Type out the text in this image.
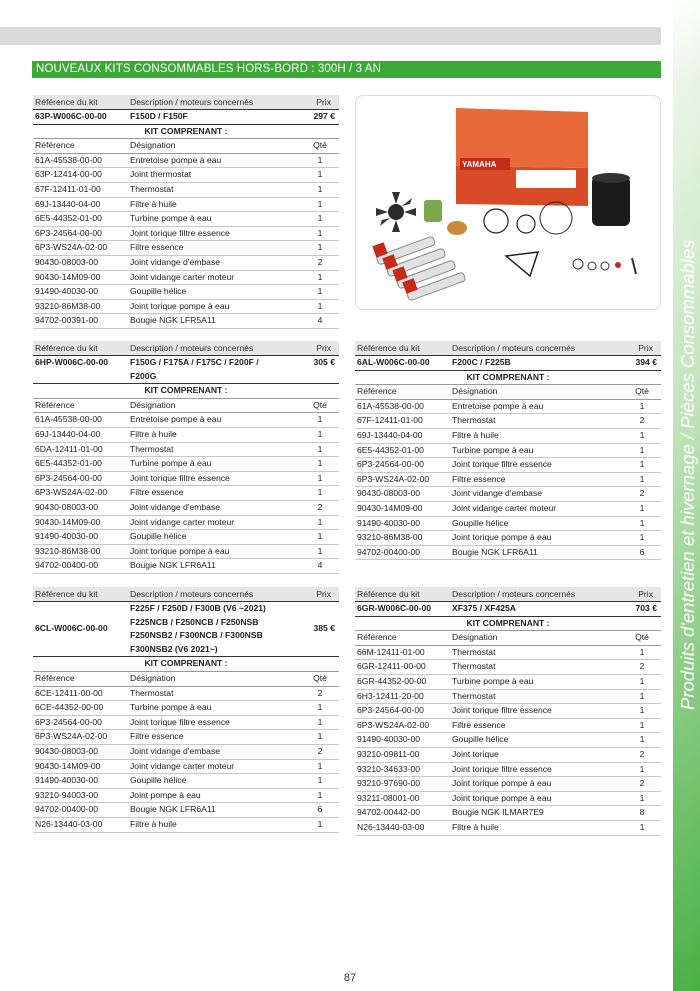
NOUVEAUX KITS CONSOMMABLES HORS-BORD : 300H / 3 AN
Produits d'entretien et hivernage / Pièces Consommables
Référence du kit	Description / moteurs concernés	Prix
63P-W006C-00-00	F150D / F150F	297 €
KIT COMPRENANT :
Référence	Désignation	Qté
61A-45538-00-00	Entretoise pompe à eau	1
63P-12414-00-00	Joint thermostat	1
67F-12411-01-00	Thermostat	1
69J-13440-04-00	Filtre à huile	1
6E5-44352-01-00	Turbine pompe à eau	1
6P3-24564-00-00	Joint torique filtre essence	1
6P3-WS24A-02-00	Filtre essence	1
90430-08003-00	Joint vidange d'embase	2
90430-14M09-00	Joint vidange carter moteur	1
91490-40030-00	Goupille hélice	1
93210-86M38-00	Joint torique pompe à eau	1
94702-00391-00	Bougie NGK LFR5A11	4
Référence du kit	Description / moteurs concernés	Prix
6HP-W006C-00-00	F150G / F175A / F175C / F200F / F200G
305 €
KIT COMPRENANT :
Référence	Désignation	Qté
61A-45538-00-00	Entretoise pompe à eau	1
69J-13440-04-00	Filtre à huile	1
6DA-12411-01-00	Thermostat	1
6E5-44352-01-00	Turbine pompe à eau	1
6P3-24564-00-00	Joint torique filtre essence	1
6P3-WS24A-02-00	Filtre essence	1
90430-08003-00	Joint vidange d'embase	2
90430-14M09-00	Joint vidange carter moteur	1
91490-40030-00	Goupille hélice	1
93210-86M38-00	Joint torique pompe à eau	1
94702-00400-00	Bougie NGK LFR6A11	4
Référence du kit	Description / moteurs concernés	Prix
6AL-W006C-00-00	F200C / F225B	394 €
KIT COMPRENANT :
Référence	Désignation	Qté
61A-45538-00-00	Entretoise pompe à eau	1
67F-12411-01-00	Thermostat	2
69J-13440-04-00	Filtre à huile	1
6E5-44352-01-00	Turbine pompe à eau	1
6P3-24564-00-00	Joint torique filtre essence	1
6P3-WS24A-02-00	Filtre essence	1
90430-08003-00	Joint vidange d'embase	2
90430-14M09-00	Joint vidange carter moteur	1
91490-40030-00	Goupille hélice	1
93210-86M38-00	Joint torique pompe à eau	1
94702-00400-00	Bougie NGK LFR6A11	6
Référence du kit	Description / moteurs concernés	Prix
6CL-W006C-00-00
F225F / F250D / F300B (V6 ~2021)
F225NCB / F250NCB / F250NSB
F250NSB2 / F300NCB / F300NSB
F300NSB2 (V6 2021~)
385 €
KIT COMPRENANT :
Référence	Désignation	Qté
6CE-12411-00-00	Thermostat	2
6CE-44352-00-00	Turbine pompe à eau	1
6P3-24564-00-00	Joint torique filtre essence	1
6P3-WS24A-02-00	Filtre essence	1
90430-08003-00	Joint vidange d'embase	2
90430-14M09-00	Joint vidange carter moteur	1
91490-40030-00	Goupille hélice	1
93210-94003-00	Joint pompe à eau	1
94702-00400-00	Bougie NGK LFR6A11	6
N26-13440-03-00	Filtre à huile	1
Référence du kit	Description / moteurs concernés	Prix
6GR-W006C-00-00	XF375 / XF425A	703 €
KIT COMPRENANT :
Référence	Désignation	Qté
66M-12411-01-00	Thermostat	1
6GR-12411-00-00	Thermostat	2
6GR-44352-00-00	Turbine pompe à eau	1
6H3-12411-20-00	Thermostat	1
6P3-24564-00-00	Joint torique filtre essence	1
6P3-WS24A-02-00	Filtre essence	1
91490-40030-00	Goupille hélice	1
93210-09811-00	Joint torique	2
93210-34633-00	Joint torique filtre essence	1
93210-97690-00	Joint torique pompe à eau	2
93211-08001-00	Joint torique pompe à eau	1
94702-00442-00	Bougie NGK ILMAR7E9	8
N26-13440-03-00	Filtre à huile	1
YAMAHA
87
